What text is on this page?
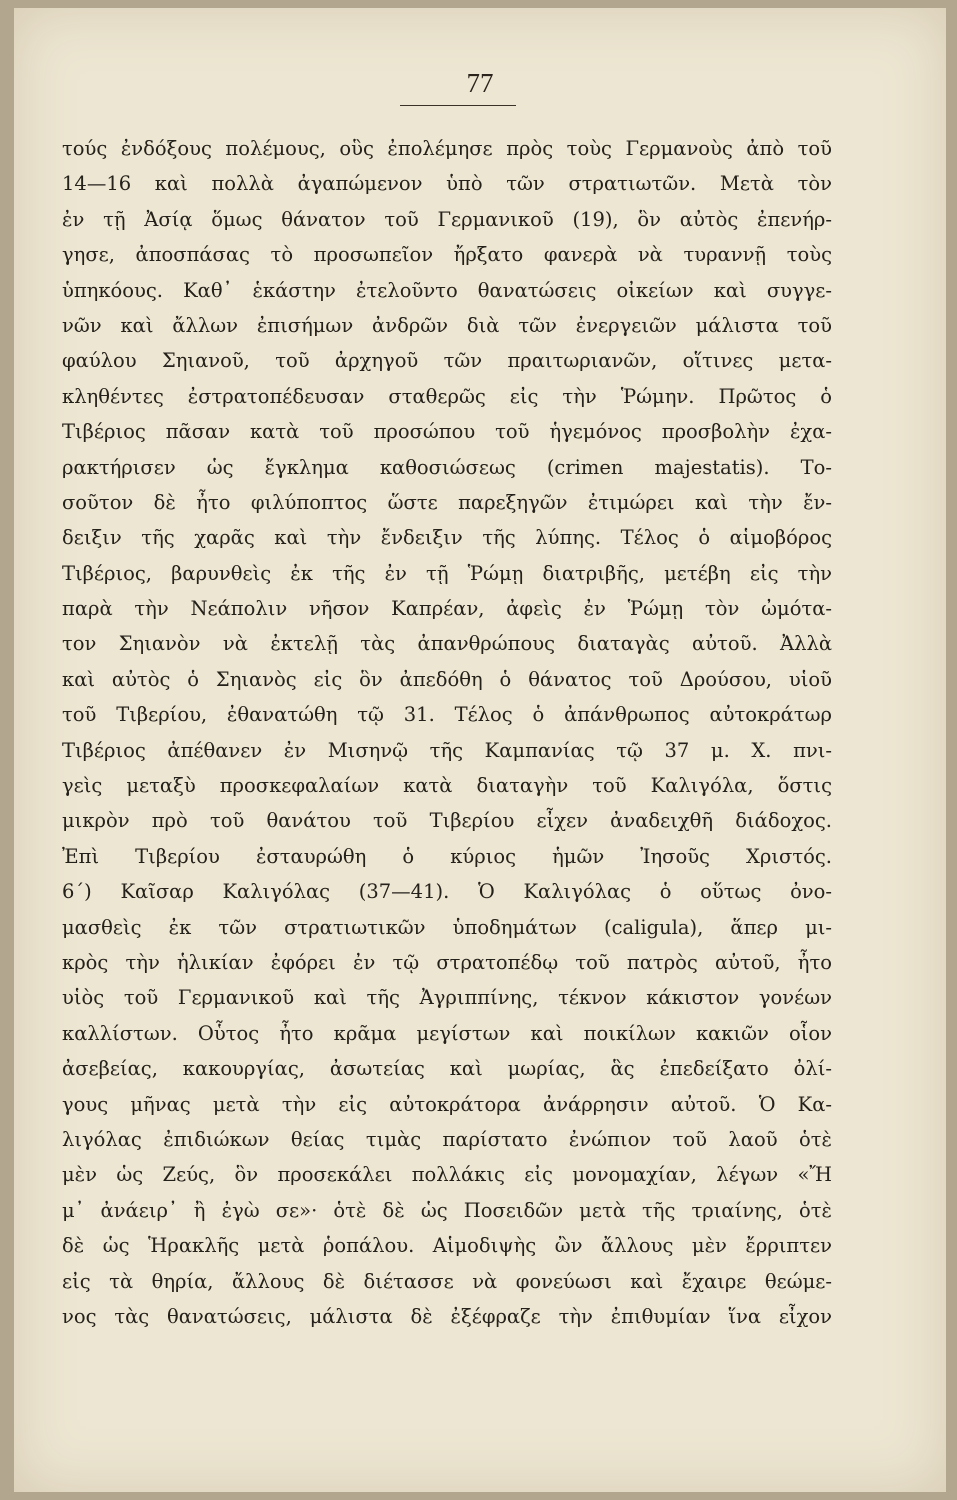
77
τούς ἐνδόξους πολέμους, οὓς ἐπολέμησε πρὸς τοὺς Γερμανοὺς ἀπὸ τοῦ
14—16 καὶ πολλὰ ἀγαπώμενον ὑπὸ τῶν στρατιωτῶν. Μετὰ τὸν
ἐν τῇ Ἀσίᾳ ὅμως θάνατον τοῦ Γερμανικοῦ (19), ὃν αὐτὸς ἐπενήρ-
γησε, ἀποσπάσας τὸ προσωπεῖον ἤρξατο φανερὰ νὰ τυραννῇ τοὺς
ὑπηκόους. Καθ᾽ ἑκάστην ἐτελοῦντο θανατώσεις οἰκείων καὶ συγγε-
νῶν καὶ ἄλλων ἐπισήμων ἀνδρῶν διὰ τῶν ἐνεργειῶν μάλιστα τοῦ
φαύλου Σηιανοῦ, τοῦ ἀρχηγοῦ τῶν πραιτωριανῶν, οἵτινες μετα-
κληθέντες ἐστρατοπέδευσαν σταθερῶς εἰς τὴν Ῥώμην. Πρῶτος ὁ
Τιβέριος πᾶσαν κατὰ τοῦ προσώπου τοῦ ἡγεμόνος προσβολὴν ἐχα-
ρακτήρισεν ὡς ἔγκλημα καθοσιώσεως (crimen majestatis). Το-
σοῦτον δὲ ἦτο φιλύποπτος ὥστε παρεξηγῶν ἐτιμώρει καὶ τὴν ἔν-
δειξιν τῆς χαρᾶς καὶ τὴν ἔνδειξιν τῆς λύπης. Τέλος ὁ αἱμοβόρος
Τιβέριος, βαρυνθεὶς ἐκ τῆς ἐν τῇ Ῥώμῃ διατριβῆς, μετέβη εἰς τὴν
παρὰ τὴν Νεάπολιν νῆσον Καπρέαν, ἀφεὶς ἐν Ῥώμῃ τὸν ὠμότα-
τον Σηιανὸν νὰ ἐκτελῇ τὰς ἀπανθρώπους διαταγὰς αὐτοῦ. Ἀλλὰ
καὶ αὐτὸς ὁ Σηιανὸς εἰς ὃν ἀπεδόθη ὁ θάνατος τοῦ Δρούσου, υἱοῦ
τοῦ Τιβερίου, ἐθανατώθη τῷ 31. Τέλος ὁ ἀπάνθρωπος αὐτοκράτωρ
Τιβέριος ἀπέθανεν ἐν Μισηνῷ τῆς Καμπανίας τῷ 37 μ. Χ. πνι-
γεὶς μεταξὺ προσκεφαλαίων κατὰ διαταγὴν τοῦ Καλιγόλα, ὅστις
μικρὸν πρὸ τοῦ θανάτου τοῦ Τιβερίου εἶχεν ἀναδειχθῆ διάδοχος.
Ἐπὶ Τιβερίου ἐσταυρώθη ὁ κύριος ἡμῶν Ἰησοῦς Χριστός.
6´) Καῖσαρ Καλιγόλας (37—41). Ὁ Καλιγόλας ὁ οὕτως ὀνο-
μασθεὶς ἐκ τῶν στρατιωτικῶν ὑποδημάτων (caligula), ἅπερ μι-
κρὸς τὴν ἡλικίαν ἐφόρει ἐν τῷ στρατοπέδῳ τοῦ πατρὸς αὐτοῦ, ἦτο
υἱὸς τοῦ Γερμανικοῦ καὶ τῆς Ἀγριππίνης, τέκνον κάκιστον γονέων
καλλίστων. Οὗτος ἦτο κρᾶμα μεγίστων καὶ ποικίλων κακιῶν οἷον
ἀσεβείας, κακουργίας, ἀσωτείας καὶ μωρίας, ἃς ἐπεδείξατο ὀλί-
γους μῆνας μετὰ τὴν εἰς αὐτοκράτορα ἀνάρρησιν αὐτοῦ. Ὁ Κα-
λιγόλας ἐπιδιώκων θείας τιμὰς παρίστατο ἐνώπιον τοῦ λαοῦ ὁτὲ
μὲν ὡς Ζεύς, ὃν προσεκάλει πολλάκις εἰς μονομαχίαν, λέγων «Ἤ
μ᾽ ἀνάειρ᾽ ἢ ἐγὼ σε»· ὁτὲ δὲ ὡς Ποσειδῶν μετὰ τῆς τριαίνης, ὁτὲ
δὲ ὡς Ἡρακλῆς μετὰ ῥοπάλου. Αἱμοδιψὴς ὢν ἄλλους μὲν ἔρριπτεν
εἰς τὰ θηρία, ἄλλους δὲ διέτασσε νὰ φονεύωσι καὶ ἔχαιρε θεώμε-
νος τὰς θανατώσεις, μάλιστα δὲ ἐξέφραζε τὴν ἐπιθυμίαν ἵνα εἶχον
